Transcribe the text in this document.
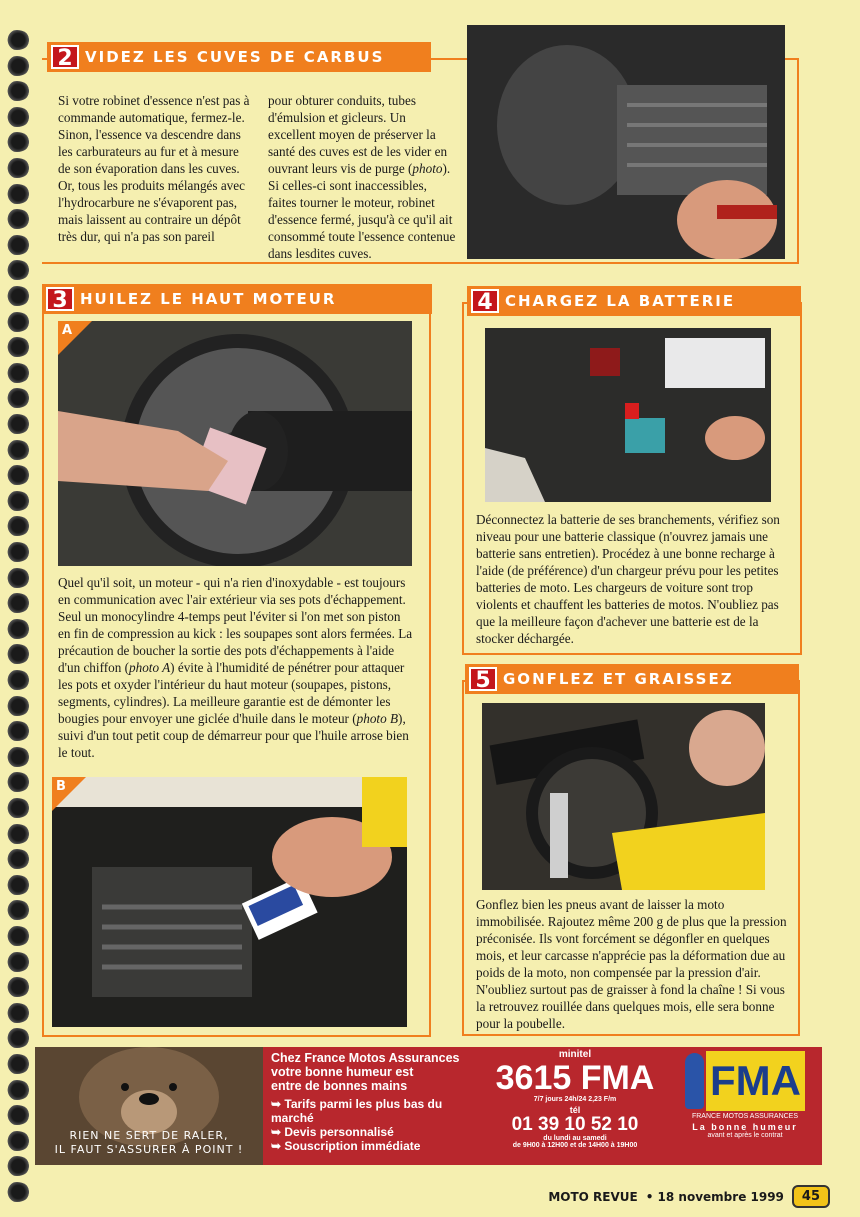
2 VIDEZ LES CUVES DE CARBUS
Si votre robinet d'essence n'est pas à commande automatique, fermez-le. Sinon, l'essence va descendre dans les carburateurs au fur et à mesure de son évaporation dans les cuves. Or, tous les produits mélangés avec l'hydrocarbure ne s'évaporent pas, mais laissent au contraire un dépôt très dur, qui n'a pas son pareil
pour obturer conduits, tubes d'émulsion et gicleurs. Un excellent moyen de préserver la santé des cuves est de les vider en ouvrant leurs vis de purge (photo). Si celles-ci sont inaccessibles, faites tourner le moteur, robinet d'essence fermé, jusqu'à ce qu'il ait consommé toute l'essence contenue dans lesdites cuves.
3 HUILEZ LE HAUT MOTEUR
A
Quel qu'il soit, un moteur - qui n'a rien d'inoxydable - est toujours en communication avec l'air extérieur via ses pots d'échappement. Seul un monocylindre 4-temps peut l'éviter si l'on met son piston en fin de compression au kick : les soupapes sont alors fermées. La précaution de boucher la sortie des pots d'échappements à l'aide d'un chiffon (photo A) évite à l'humidité de pénétrer pour attaquer les pots et oxyder l'intérieur du haut moteur (soupapes, pistons, segments, cylindres). La meilleure garantie est de démonter les bougies pour envoyer une giclée d'huile dans le moteur (photo B), suivi d'un tout petit coup de démarreur pour que l'huile arrose bien le tout.
B
4 CHARGEZ LA BATTERIE
Déconnectez la batterie de ses branchements, vérifiez son niveau pour une batterie classique (n'ouvrez jamais une batterie sans entretien). Procédez à une bonne recharge à l'aide (de préférence) d'un chargeur prévu pour les petites batteries de moto. Les chargeurs de voiture sont trop violents et chauffent les batteries de motos. N'oubliez pas que la meilleure façon d'achever une batterie est de la stocker déchargée.
5 GONFLEZ ET GRAISSEZ
Gonflez bien les pneus avant de laisser la moto immobilisée. Rajoutez même 200 g de plus que la pression préconisée. Ils vont forcément se dégonfler en quelques mois, et leur carcasse n'apprécie pas la déformation due au poids de la moto, non compensée par la pression d'air. N'oubliez surtout pas de graisser à fond la chaîne ! Si vous la retrouvez rouillée dans quelques mois, elle sera bonne pour la poubelle.
RIEN NE SERT DE RALER,
IL FAUT S'ASSURER À POINT !
Chez France Motos Assurances
votre bonne humeur est
entre de bonnes mains
➥ Tarifs parmi les plus bas du marché
➥ Devis personnalisé
➥ Souscription immédiate
minitel
3615 FMA
7/7 jours 24h/24 2,23 F/m
tél
01 39 10 52 10
du lundi au samedi
de 9H00 à 12H00 et de 14H00 à 19H00
FMA
FRANCE MOTOS ASSURANCES
La bonne humeur
avant et après le contrat
MOTO REVUE • 18 novembre 1999	45
